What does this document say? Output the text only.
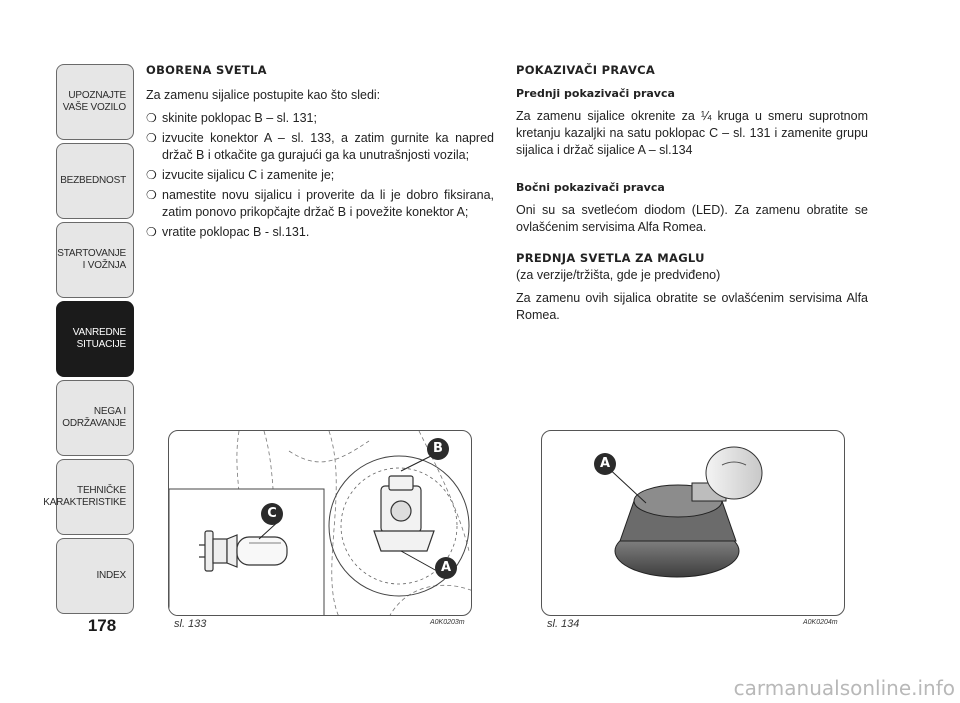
UPOZNAJTE
VAŠE VOZILO
BEZBEDNOST
STARTOVANJE
I VOŽNJA
VANREDNE
SITUACIJE
NEGA I
ODRŽAVANJE
TEHNIČKE
KARAKTERISTIKE
INDEX
178
OBORENA SVETLA
Za zamenu sijalice postupite kao što sledi:
❍ skinite poklopac B – sl. 131;
❍ izvucite konektor A – sl. 133, a zatim gurnite ka napred držač B i otkačite ga gurajući ga ka unutrašnjosti vozila;
❍ izvucite sijalicu C i zamenite je;
❍ namestite novu sijalicu i proverite da li je dobro fiksirana, zatim ponovo prikopčajte držač B i povežite konektor A;
❍ vratite poklopac B - sl.131.
POKAZIVAČI PRAVCA
Prednji pokazivači pravca
Za zamenu sijalice okrenite za ¼ kruga u smeru suprotnom kretanju kazaljki na satu poklopac C – sl. 131 i zamenite grupu sijalica i držač sijalice A – sl.134
Bočni pokazivači pravca
Oni su sa svetlećom diodom (LED). Za zamenu obratite se ovlašćenim servisima Alfa Romea.
PREDNJA SVETLA ZA MAGLU
(za verzije/tržišta, gde je predviđeno)
Za zamenu ovih sijalica obratite se ovlašćenim servisima Alfa Romea.
B
C
A
sl. 133	A0K0203m
A
sl. 134	A0K0204m
carmanualsonline.info
